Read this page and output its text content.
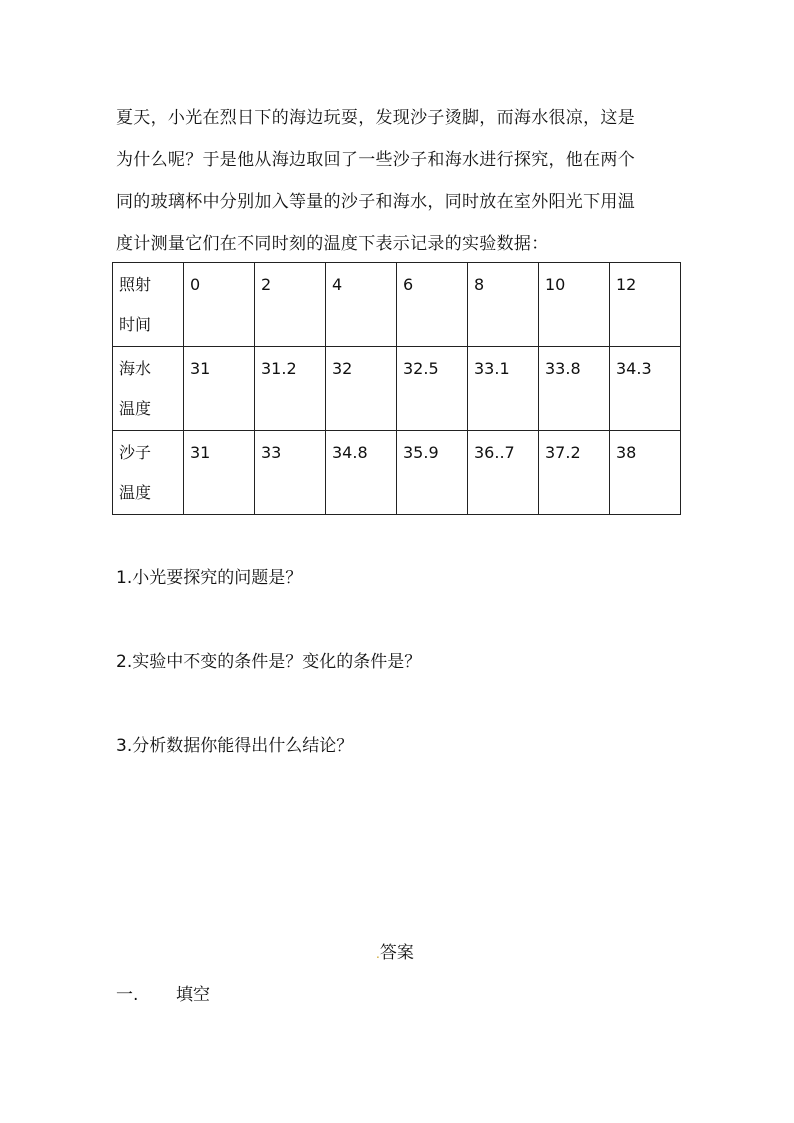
夏天，小光在烈日下的海边玩耍，发现沙子烫脚，而海水很凉，这是
为什么呢？于是他从海边取回了一些沙子和海水进行探究，他在两个
同的玻璃杯中分别加入等量的沙子和海水，同时放在室外阳光下用温
度计测量它们在不同时刻的温度下表示记录的实验数据：
照射
时间	0	2	4	6	8	10	12

海水
温度	31	31.2	32	32.5	33.1	33.8	34.3

沙子
温度	31	33	34.8	35.9	36..7	37.2	38
1.小光要探究的问题是？
2.实验中不变的条件是？变化的条件是？
3.分析数据你能得出什么结论？
.答案
一. 填空
